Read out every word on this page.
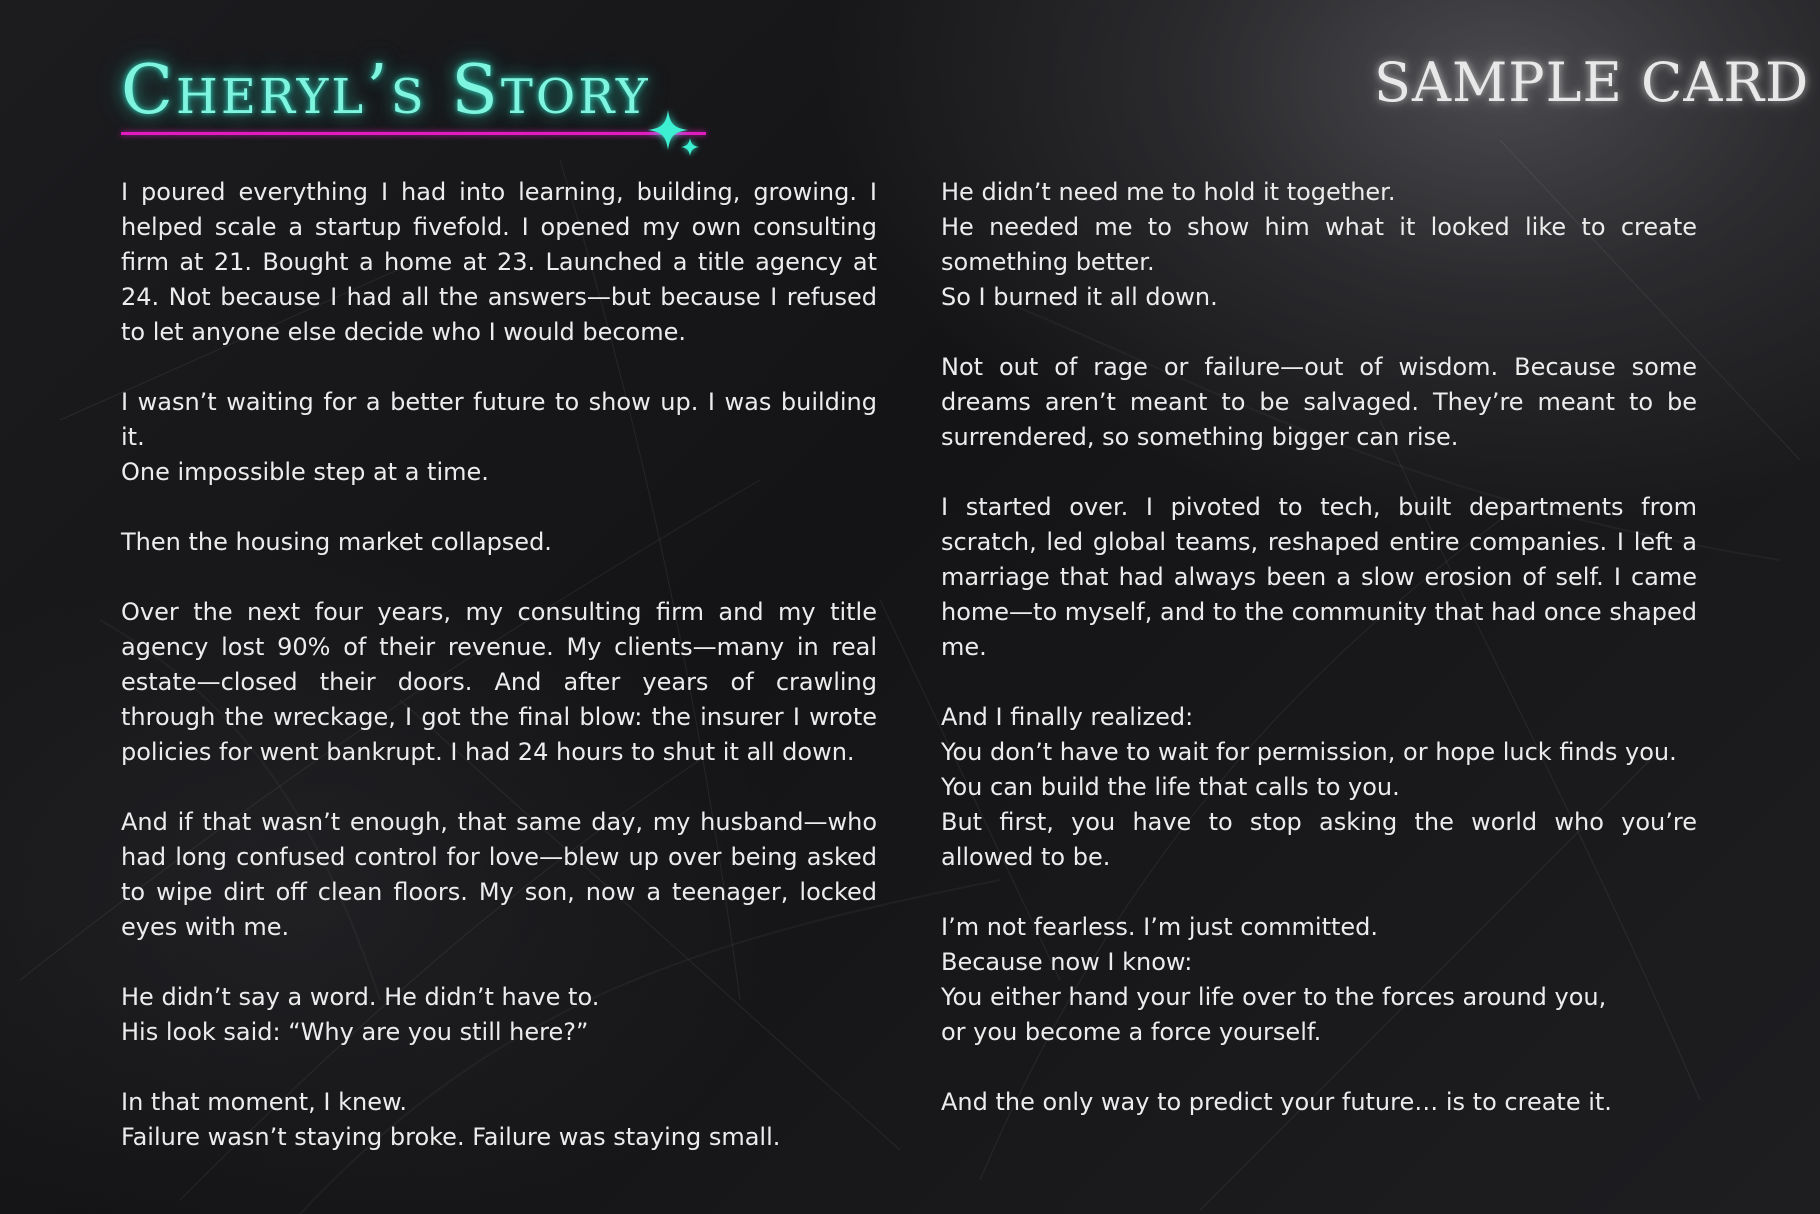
Cheryl’s Story	SAMPLE CARD
I poured everything I had into learning, building, growing. I helped scale a startup fivefold. I opened my own consulting firm at 21. Bought a home at 23. Launched a title agency at 24. Not because I had all the answers—but because I refused to let anyone else decide who I would become.
I wasn’t waiting for a better future to show up. I was building it.
One impossible step at a time.
Then the housing market collapsed.
Over the next four years, my consulting firm and my title agency lost 90% of their revenue. My clients—many in real estate—closed their doors. And after years of crawling through the wreckage, I got the final blow: the insurer I wrote policies for went bankrupt. I had 24 hours to shut it all down.
And if that wasn’t enough, that same day, my husband—who had long confused control for love—blew up over being asked to wipe dirt off clean floors. My son, now a teenager, locked eyes with me.
He didn’t say a word. He didn’t have to.
His look said: “Why are you still here?”
In that moment, I knew.
Failure wasn’t staying broke. Failure was staying small.
He didn’t need me to hold it together.
He needed me to show him what it looked like to create something better.
So I burned it all down.
Not out of rage or failure—out of wisdom. Because some dreams aren’t meant to be salvaged. They’re meant to be surrendered, so something bigger can rise.
I started over. I pivoted to tech, built departments from scratch, led global teams, reshaped entire companies. I left a marriage that had always been a slow erosion of self. I came home—to myself, and to the community that had once shaped me.
And I finally realized:
You don’t have to wait for permission, or hope luck finds you.
You can build the life that calls to you.
But first, you have to stop asking the world who you’re allowed to be.
I’m not fearless. I’m just committed.
Because now I know:
You either hand your life over to the forces around you,
or you become a force yourself.
And the only way to predict your future… is to create it.
